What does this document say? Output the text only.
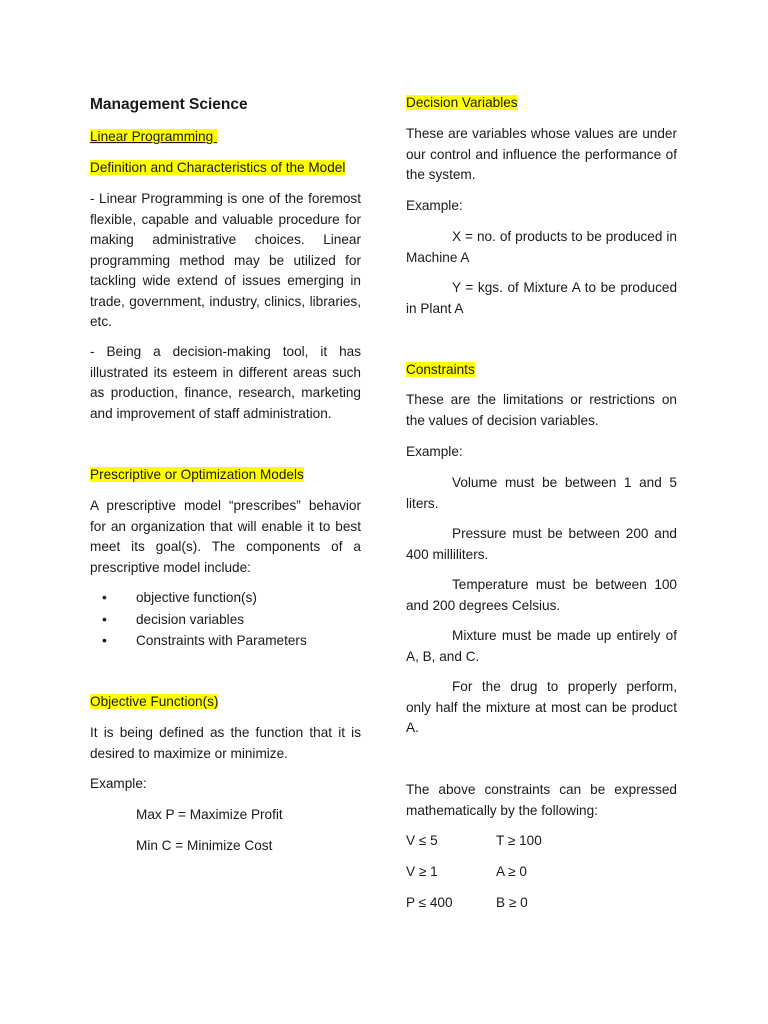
Management Science

Linear Programming

Definition and Characteristics of the Model

- Linear Programming is one of the foremost flexible, capable and valuable procedure for making administrative choices. Linear programming method may be utilized for tackling wide extend of issues emerging in trade, government, industry, clinics, libraries, etc.

- Being a decision-making tool, it has illustrated its esteem in different areas such as production, finance, research, marketing and improvement of staff administration.

Prescriptive or Optimization Models

A prescriptive model “prescribes” behavior for an organization that will enable it to best meet its goal(s). The components of a prescriptive model include:

• objective function(s)
• decision variables
• Constraints with Parameters

Objective Function(s)

It is being defined as the function that it is desired to maximize or minimize.

Example:

Max P = Maximize Profit

Min C = Minimize Cost

Decision Variables

These are variables whose values are under our control and influence the performance of the system.

Example:

X = no. of products to be produced in Machine A

Y = kgs. of Mixture A to be produced in Plant A

Constraints

These are the limitations or restrictions on the values of decision variables.

Example:

Volume must be between 1 and 5 liters.

Pressure must be between 200 and 400 milliliters.

Temperature must be between 100 and 200 degrees Celsius.

Mixture must be made up entirely of A, B, and C.

For the drug to properly perform, only half the mixture at most can be product A.

The above constraints can be expressed mathematically by the following:

V ≤ 5	T ≥ 100
V ≥ 1	A ≥ 0
P ≤ 400	B ≥ 0
